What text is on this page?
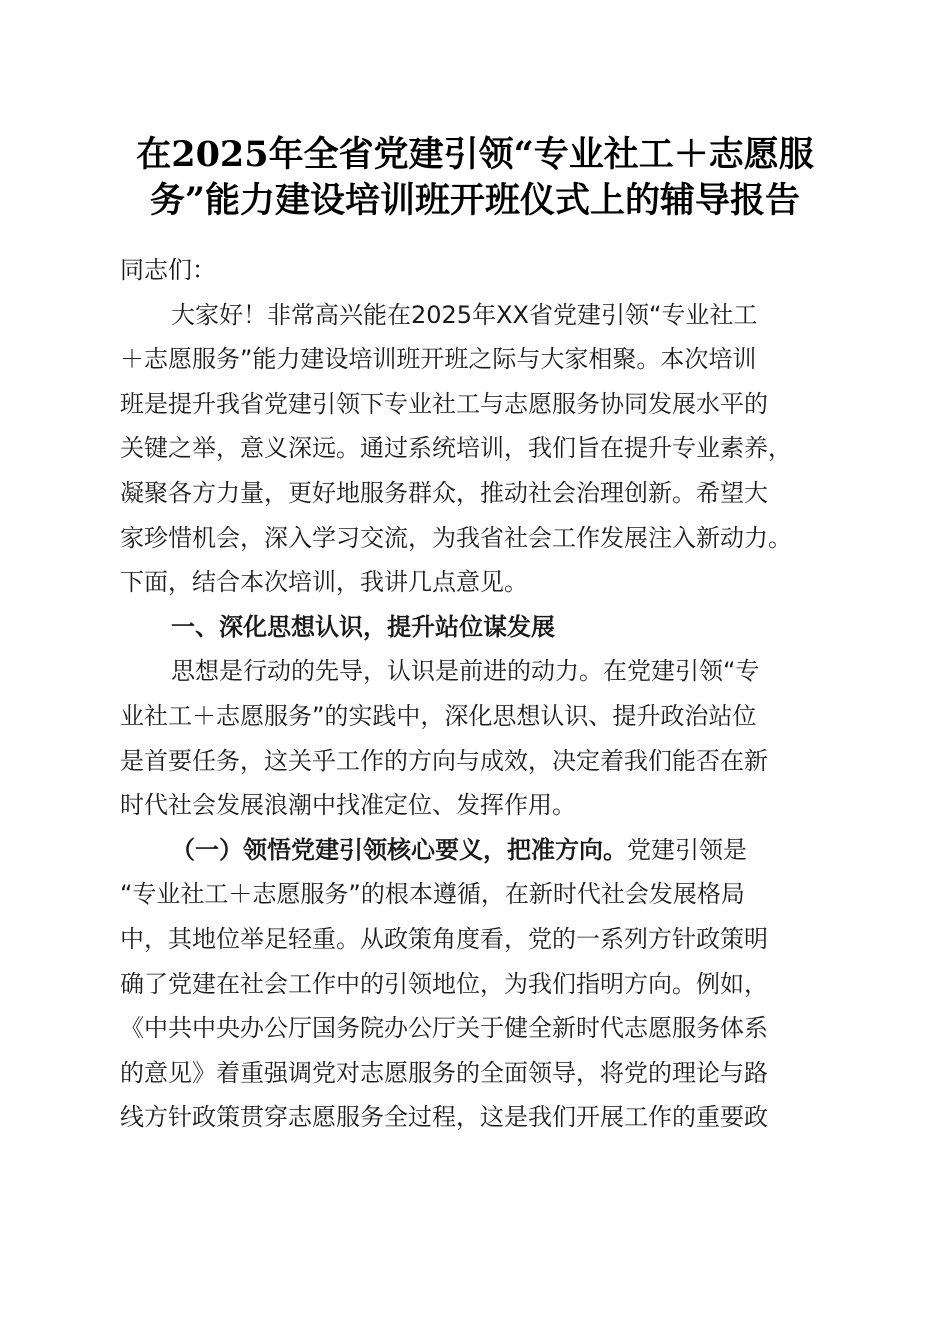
在2025年全省党建引领“专业社工＋志愿服
务”能力建设培训班开班仪式上的辅导报告
同志们：
大家好！非常高兴能在2025年XX省党建引领“专业社工
＋志愿服务”能力建设培训班开班之际与大家相聚。本次培训
班是提升我省党建引领下专业社工与志愿服务协同发展水平的
关键之举，意义深远。通过系统培训，我们旨在提升专业素养，
凝聚各方力量，更好地服务群众，推动社会治理创新。希望大
家珍惜机会，深入学习交流，为我省社会工作发展注入新动力。
下面，结合本次培训，我讲几点意见。
一、深化思想认识，提升站位谋发展
思想是行动的先导，认识是前进的动力。在党建引领“专
业社工＋志愿服务”的实践中，深化思想认识、提升政治站位
是首要任务，这关乎工作的方向与成效，决定着我们能否在新
时代社会发展浪潮中找准定位、发挥作用。
（一）领悟党建引领核心要义，把准方向。党建引领是
“专业社工＋志愿服务”的根本遵循，在新时代社会发展格局
中，其地位举足轻重。从政策角度看，党的一系列方针政策明
确了党建在社会工作中的引领地位，为我们指明方向。例如，
《中共中央办公厅国务院办公厅关于健全新时代志愿服务体系
的意见》着重强调党对志愿服务的全面领导，将党的理论与路
线方针政策贯穿志愿服务全过程，这是我们开展工作的重要政
